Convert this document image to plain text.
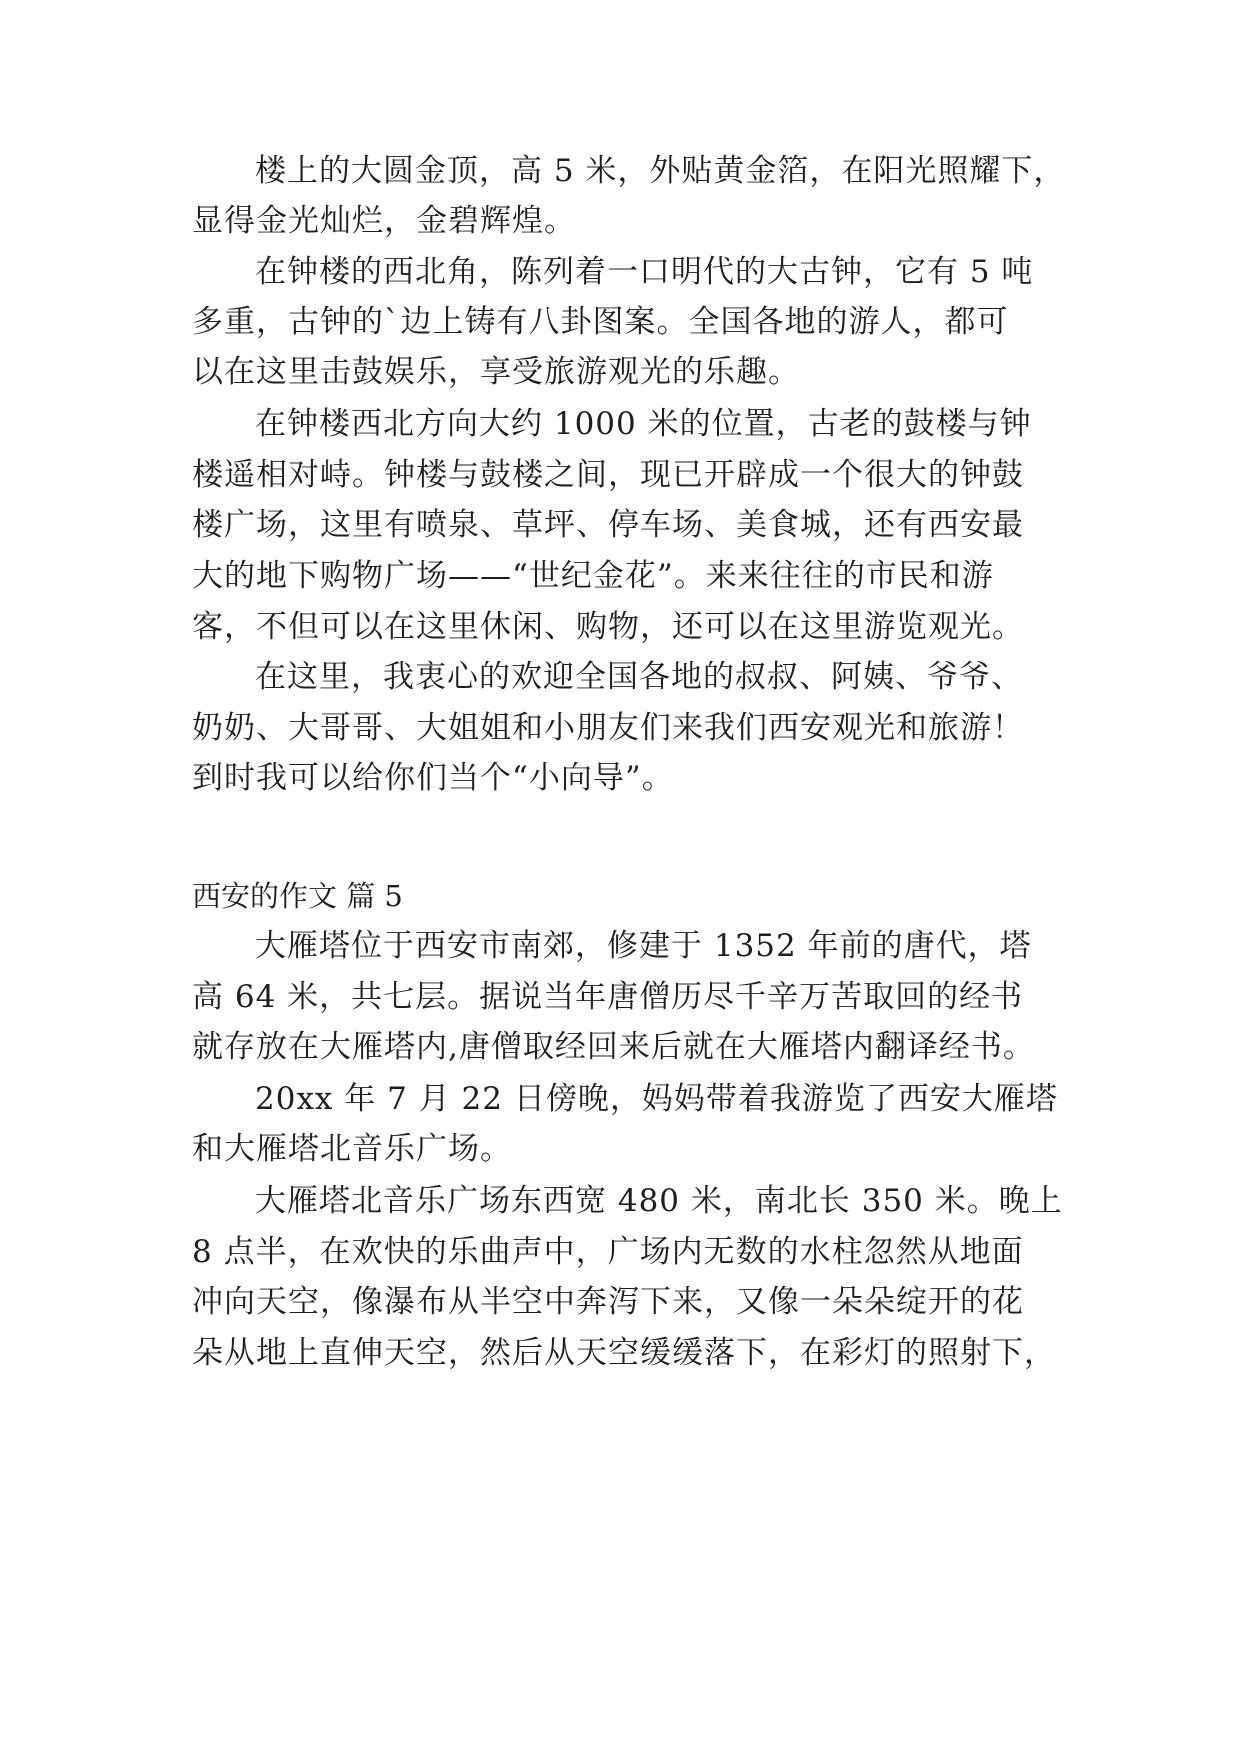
楼上的大圆金顶，高 5 米，外贴黄金箔，在阳光照耀下，
显得金光灿烂，金碧辉煌。
在钟楼的西北角，陈列着一口明代的大古钟，它有 5 吨
多重，古钟的`边上铸有八卦图案。全国各地的游人，都可
以在这里击鼓娱乐，享受旅游观光的乐趣。
在钟楼西北方向大约 1000 米的位置，古老的鼓楼与钟
楼遥相对峙。钟楼与鼓楼之间，现已开辟成一个很大的钟鼓
楼广场，这里有喷泉、草坪、停车场、美食城，还有西安最
大的地下购物广场——“世纪金花”。来来往往的市民和游
客，不但可以在这里休闲、购物，还可以在这里游览观光。
在这里，我衷心的欢迎全国各地的叔叔、阿姨、爷爷、
奶奶、大哥哥、大姐姐和小朋友们来我们西安观光和旅游！
到时我可以给你们当个“小向导”。
西安的作文 篇 5
大雁塔位于西安市南郊，修建于 1352 年前的唐代，塔
高 64 米，共七层。据说当年唐僧历尽千辛万苦取回的经书
就存放在大雁塔内,唐僧取经回来后就在大雁塔内翻译经书。
20xx 年 7 月 22 日傍晚，妈妈带着我游览了西安大雁塔
和大雁塔北音乐广场。
大雁塔北音乐广场东西宽 480 米，南北长 350 米。晚上
8 点半，在欢快的乐曲声中，广场内无数的水柱忽然从地面
冲向天空，像瀑布从半空中奔泻下来，又像一朵朵绽开的花
朵从地上直伸天空，然后从天空缓缓落下，在彩灯的照射下，
